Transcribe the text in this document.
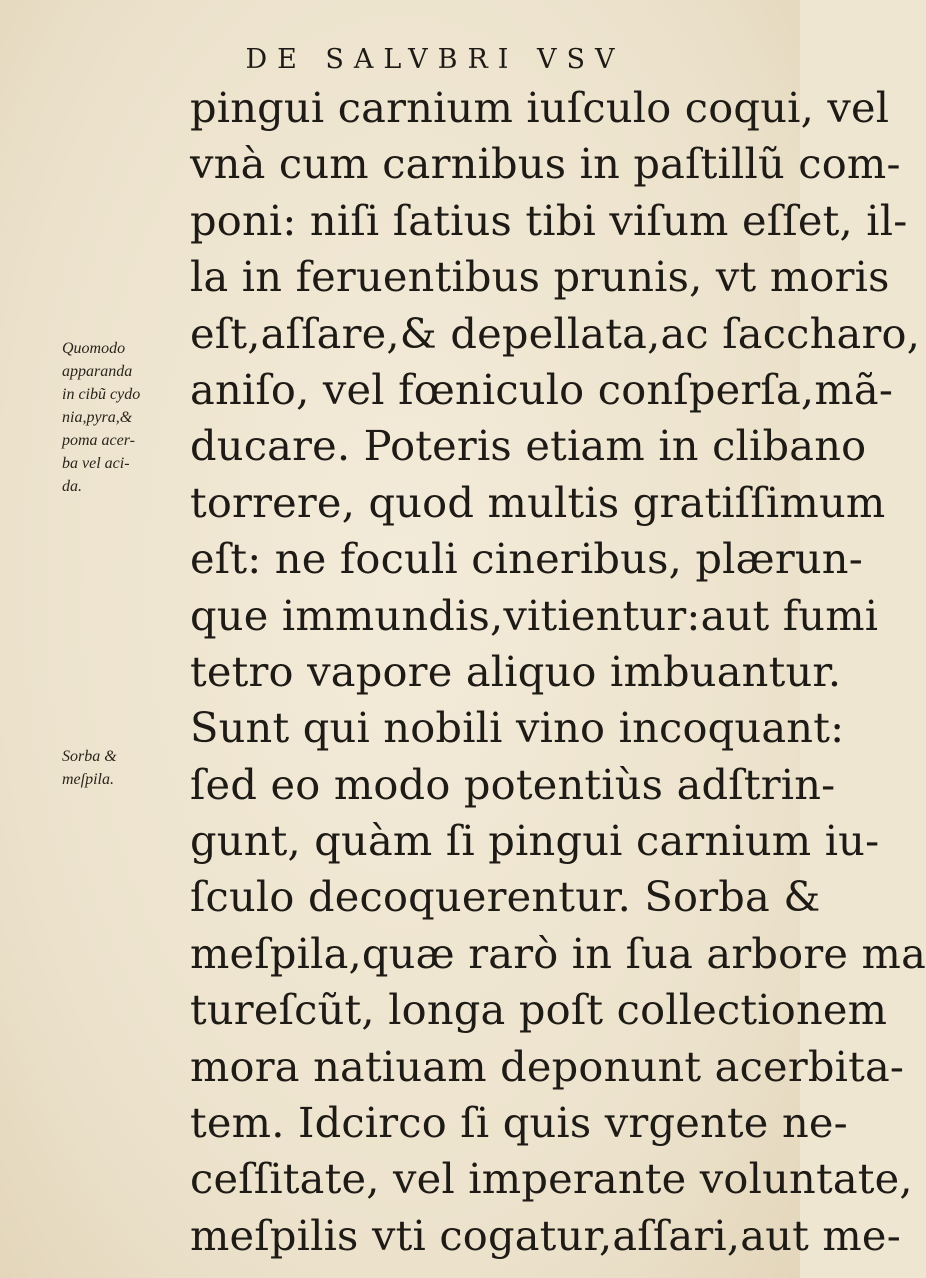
DE SALVBRI VSV
Quomodo
apparanda
in cibũ cydo
nia,pyra,&
poma acer-
ba vel aci-
da.
Sorba &
meſpila.
pingui carnium iuſculo coqui, vel
vnà cum carnibus in paſtillũ com-
poni: niſi ſatius tibi viſum eſſet, il-
la in feruentibus prunis, vt moris
eſt,aſſare,& depellata,ac ſaccharo,
aniſo, vel fœniculo conſperſa,mã-
ducare. Poteris etiam in clibano
torrere, quod multis gratiſſimum
eſt: ne foculi cineribus, plærun-
que immundis,vitientur:aut fumi
tetro vapore aliquo imbuantur.
Sunt qui nobili vino incoquant:
ſed eo modo potentiùs adſtrin-
gunt, quàm ſi pingui carnium iu-
ſculo decoquerentur. Sorba &
meſpila,quæ rarò in ſua arbore ma
tureſcũt, longa poſt collectionem
mora natiuam deponunt acerbita-
tem. Idcirco ſi quis vrgente ne-
ceſſitate, vel imperante voluntate,
meſpilis vti cogatur,aſſari,aut me-
